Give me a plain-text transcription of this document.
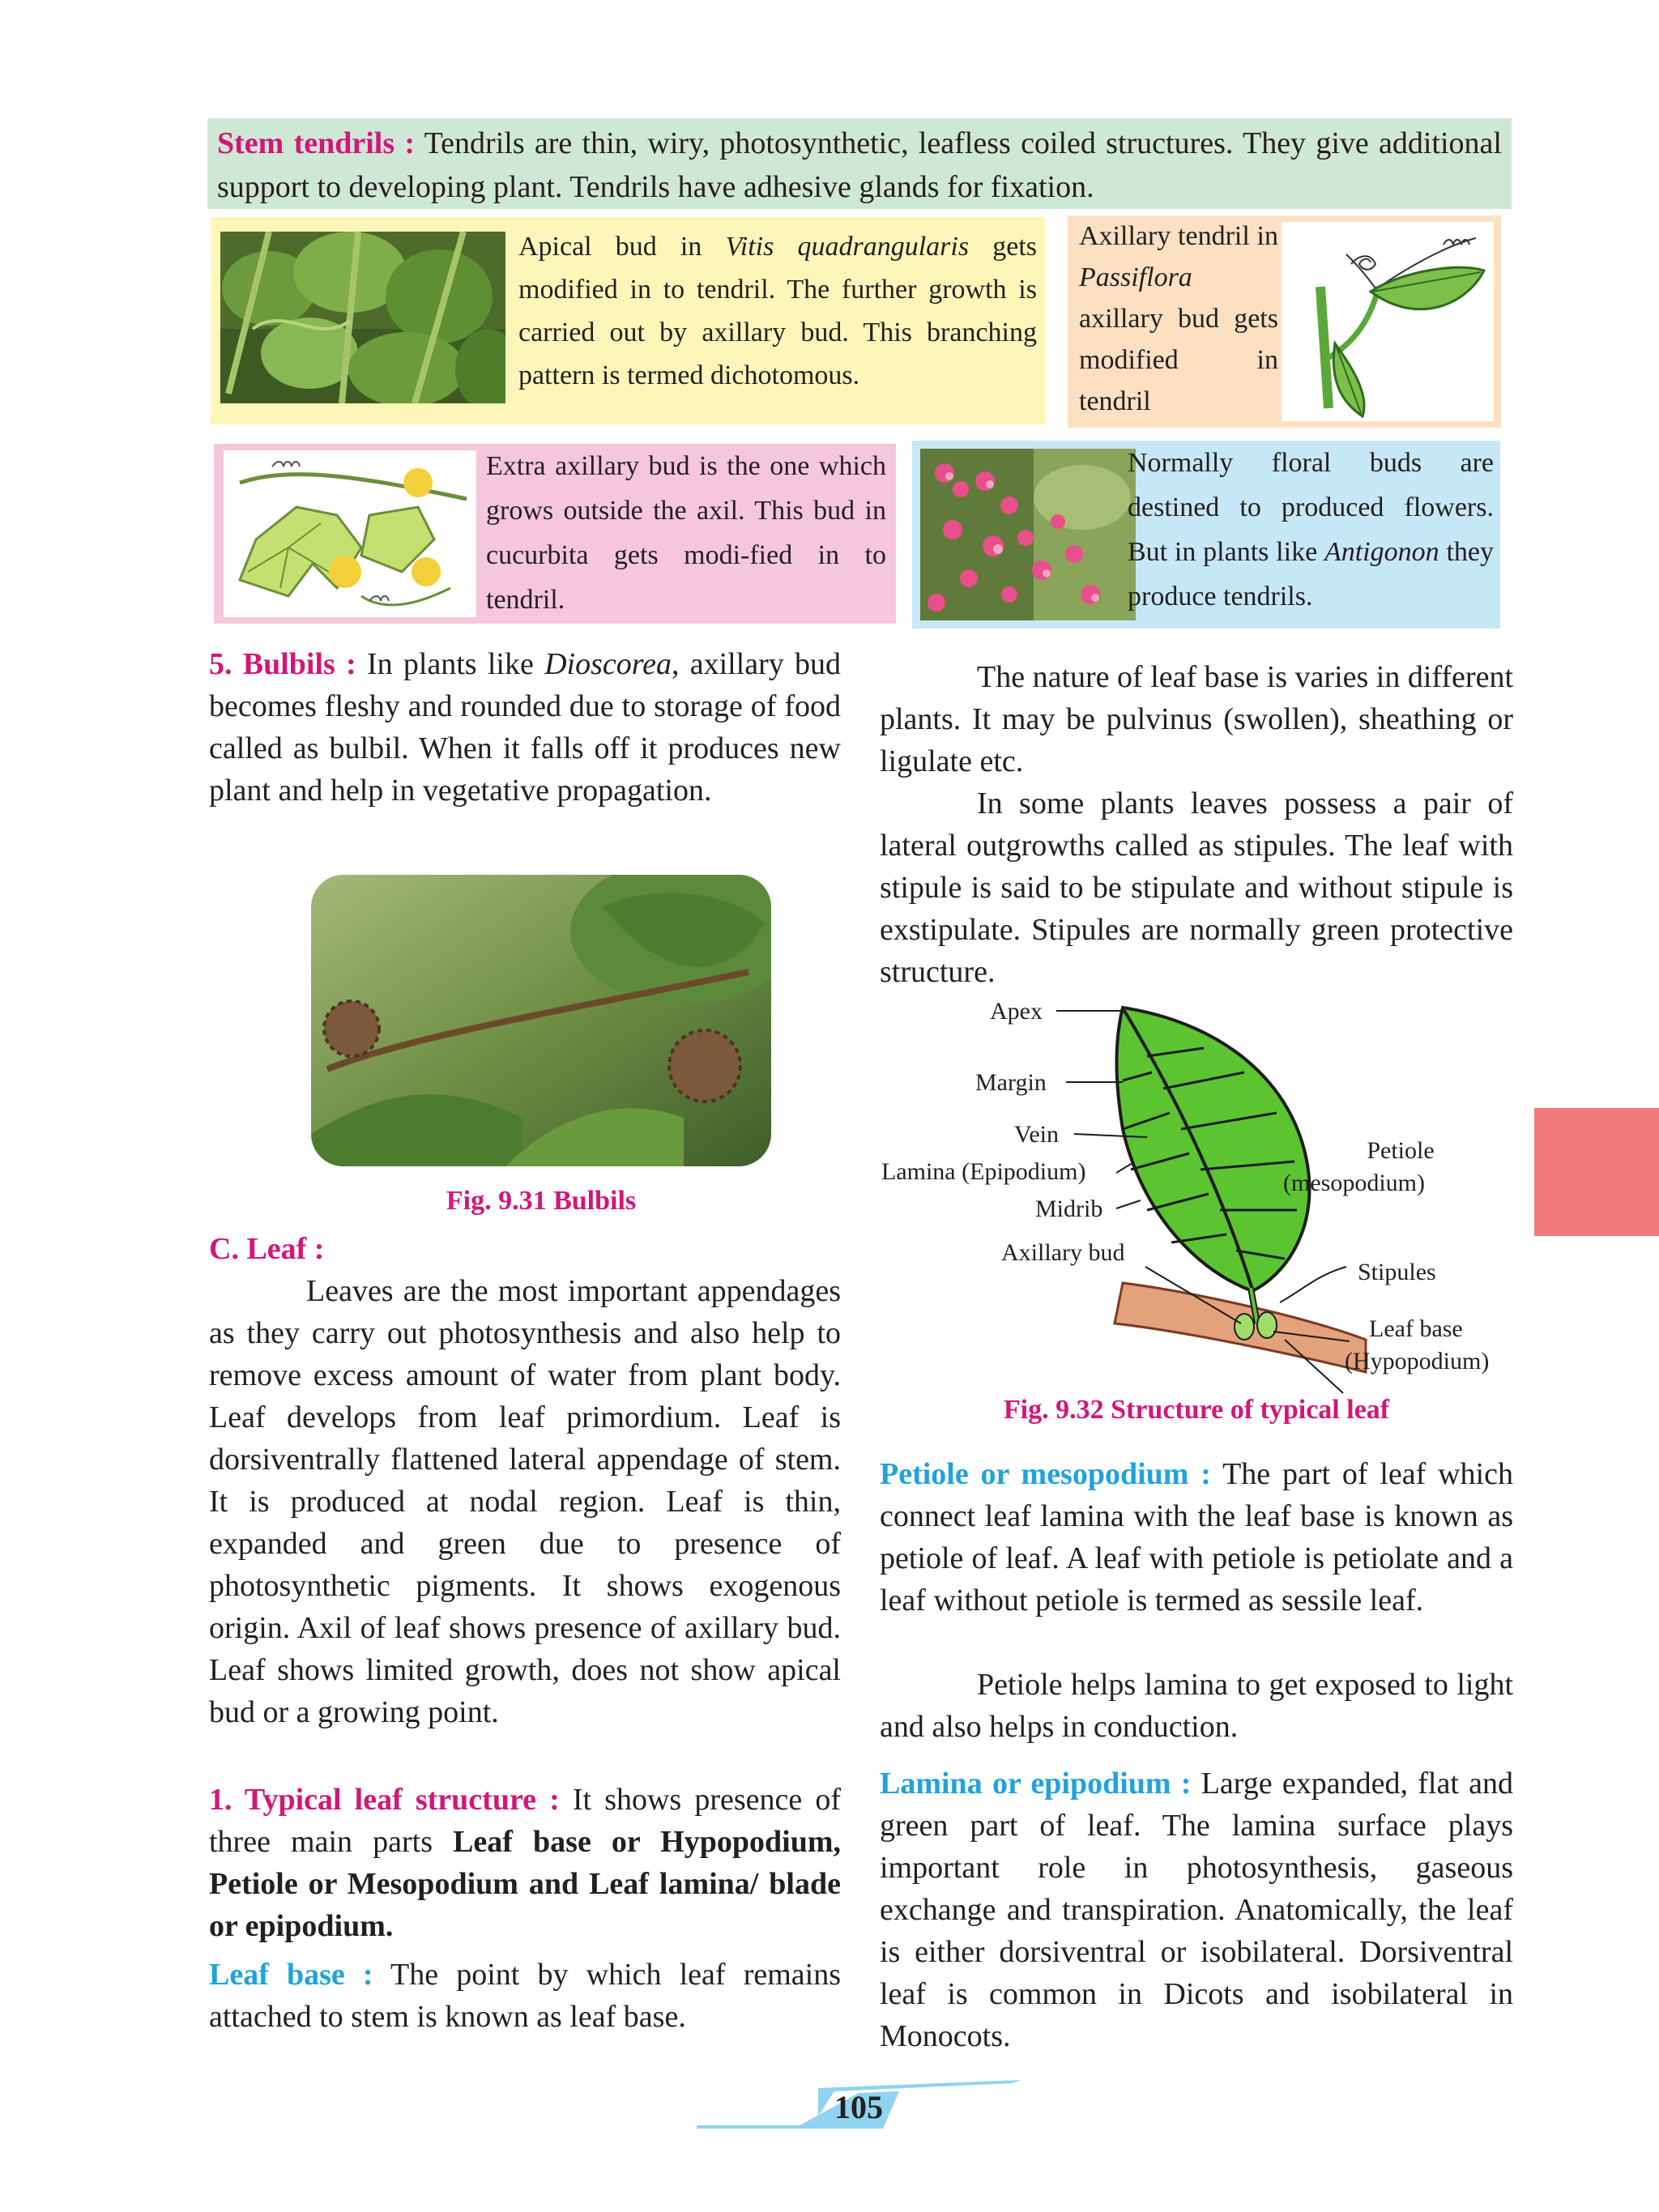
Stem tendrils : Tendrils are thin, wiry, photosynthetic, leafless coiled structures. They give additional support to developing plant. Tendrils have adhesive glands for fixation.

Apical bud in Vitis quadrangularis gets modified in to tendril. The further growth is carried out by axillary bud. This branching pattern is termed dichotomous.

Axillary tendril in Passiflora axillary bud gets modified in tendril

Extra axillary bud is the one which grows outside the axil. This bud in cucurbita gets modi-fied in to tendril.

Normally floral buds are destined to produced flowers. But in plants like Antigonon they produce tendrils.

5. Bulbils : In plants like Dioscorea, axillary bud becomes fleshy and rounded due to storage of food called as bulbil. When it falls off it produces new plant and help in vegetative propagation.

Fig. 9.31 Bulbils
C. Leaf :

Leaves are the most important appendages as they carry out photosynthesis and also help to remove excess amount of water from plant body. Leaf develops from leaf primordium. Leaf is dorsiventrally flattened lateral appendage of stem. It is produced at nodal region. Leaf is thin, expanded and green due to presence of photosynthetic pigments. It shows exogenous origin. Axil of leaf shows presence of axillary bud. Leaf shows limited growth, does not show apical bud or a growing point.

1. Typical leaf structure : It shows presence of three main parts Leaf base or Hypopodium, Petiole or Mesopodium and Leaf lamina/ blade or epipodium.

Leaf base : The point by which leaf remains attached to stem is known as leaf base.

The nature of leaf base is varies in different plants. It may be pulvinus (swollen), sheathing or ligulate etc.

In some plants leaves possess a pair of lateral outgrowths called as stipules. The leaf with stipule is said to be stipulate and without stipule is exstipulate. Stipules are normally green protective structure.

Apex
Margin
Vein
Lamina (Epipodium)
Midrib
Axillary bud
Petiole
(mesopodium)
Stipules
Leaf base
(Hypopodium)
Fig. 9.32 Structure of typical leaf

Petiole or mesopodium : The part of leaf which connect leaf lamina with the leaf base is known as petiole of leaf. A leaf with petiole is petiolate and a leaf without petiole is termed as sessile leaf.

Petiole helps lamina to get exposed to light and also helps in conduction.

Lamina or epipodium : Large expanded, flat and green part of leaf. The lamina surface plays important role in photosynthesis, gaseous exchange and transpiration. Anatomically, the leaf is either dorsiventral or isobilateral. Dorsiventral leaf is common in Dicots and isobilateral in Monocots.

105
